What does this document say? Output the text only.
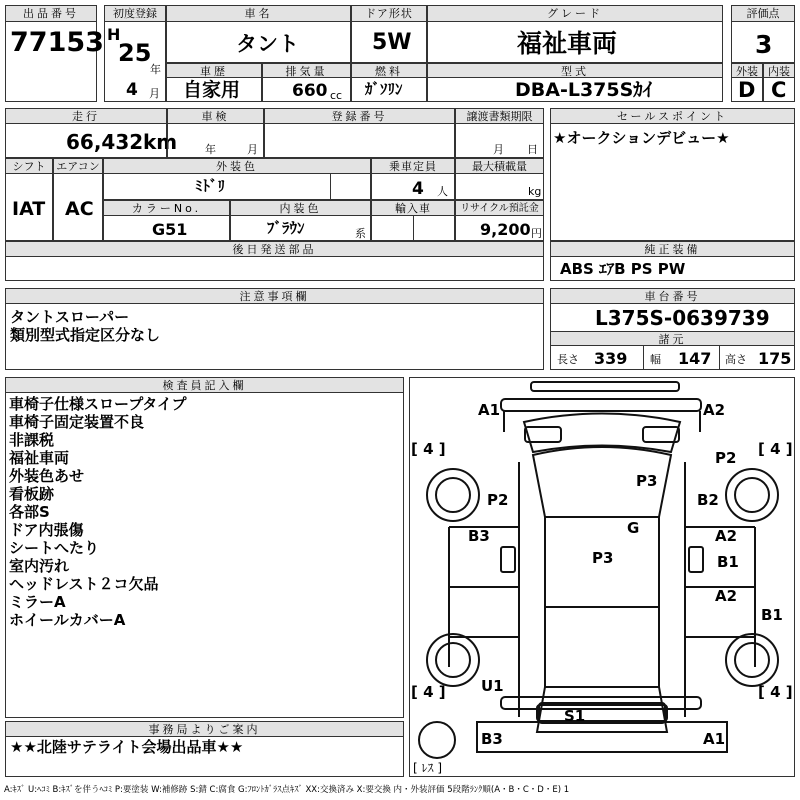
出品番号
77153
初度登録
H
25
年
4 月
車名
タント
ドア形状
5W
グレード
福祉車両
評価点
3
車歴
自家用
排気量
660 cc
燃料
ｶﾞｿﾘﾝ
型式
DBA-L375Sｶｲ
外装
D
内装
C
走行
66,432 km
車検
年	月
登録番号	譲渡書類期限
月 日
シフト
IAT
エアコン
AC
外装色
ﾐﾄﾞﾘ
乗車定員
4 人
最大積載量
kg
カラーNo.
G51
内装色
ﾌﾞﾗｳﾝ	系
輸入車	リサイクル預託金
9,200 円
後日発送部品
セールスポイント
★オークションデビュー★
純正装備
ABS ｴｱB PS PW
注意事項欄
タントスローパー
類別型式指定区分なし
車台番号
L375S-0639739
諸元
長さ 339 幅 147 高さ 175
検査員記入欄
車椅子仕様スロープタイプ
車椅子固定装置不良
非課税
福祉車両
外装色あせ
看板跡
各部S
ドア内張傷
シートへたり
室内汚れ
ヘッドレスト２コ欠品
ミラーA
ホイールカバーA
事務局よりご案内
★★北陸サテライト会場出品車★★
A1	A2
P2
P3
P2	B2
G
B3	A2
P3	B1
A2
B1
U1
S1
B3	A1
[ 4 ]	[ 4 ]
[ 4 ]	[ 4 ]
[ ﾚｽ ]
A:ｷｽﾞ U:ﾍｺﾐ B:ｷｽﾞを伴うﾍｺﾐ P:要塗装 W:補修跡 S:錆 C:腐食 G:ﾌﾛﾝﾄｶﾞﾗｽ点ｷｽﾞ XX:交換済み X:要交換 内・外装評価 5段階ﾗﾝｸ順(A・B・C・D・E) 1
